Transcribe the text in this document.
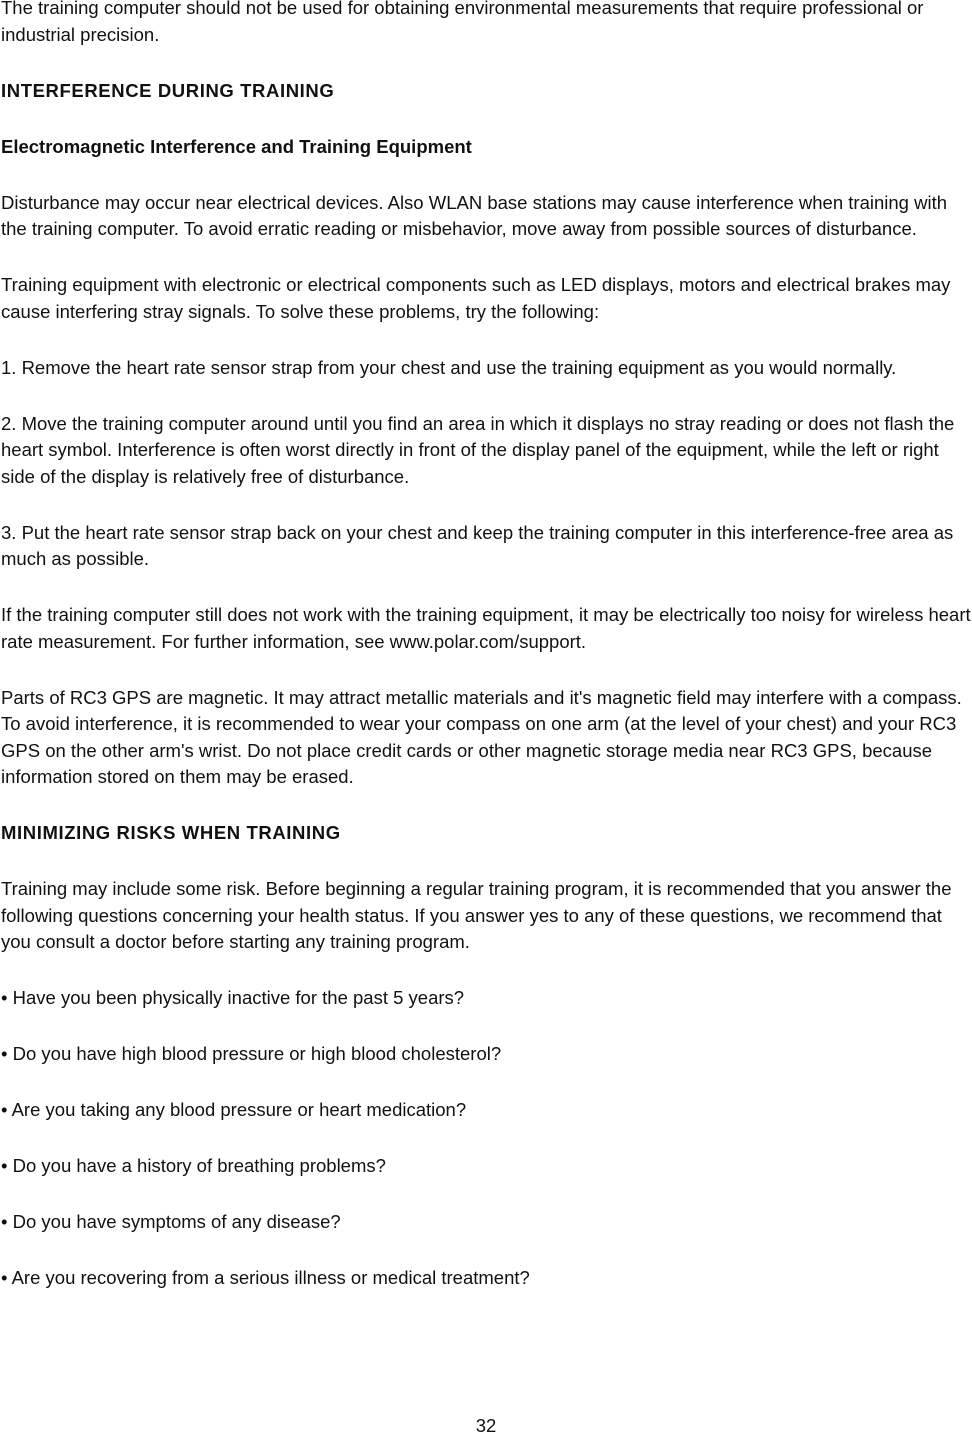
The training computer should not be used for obtaining environmental measurements that require professional or industrial precision.

INTERFERENCE DURING TRAINING
Electromagnetic Interference and Training Equipment

Disturbance may occur near electrical devices. Also WLAN base stations may cause interference when training with the training computer. To avoid erratic reading or misbehavior, move away from possible sources of disturbance.

Training equipment with electronic or electrical components such as LED displays, motors and electrical brakes may cause interfering stray signals. To solve these problems, try the following:

1. Remove the heart rate sensor strap from your chest and use the training equipment as you would normally.

2. Move the training computer around until you find an area in which it displays no stray reading or does not flash the heart symbol. Interference is often worst directly in front of the display panel of the equipment, while the left or right side of the display is relatively free of disturbance.

3. Put the heart rate sensor strap back on your chest and keep the training computer in this interference-free area as much as possible.

If the training computer still does not work with the training equipment, it may be electrically too noisy for wireless heart rate measurement. For further information, see www.polar.com/support.

Parts of RC3 GPS are magnetic. It may attract metallic materials and it's magnetic field may interfere with a compass. To avoid interference, it is recommended to wear your compass on one arm (at the level of your chest) and your RC3 GPS on the other arm's wrist. Do not place credit cards or other magnetic storage media near RC3 GPS, because information stored on them may be erased.

MINIMIZING RISKS WHEN TRAINING

Training may include some risk. Before beginning a regular training program, it is recommended that you answer the following questions concerning your health status. If you answer yes to any of these questions, we recommend that you consult a doctor before starting any training program.

• Have you been physically inactive for the past 5 years?
• Do you have high blood pressure or high blood cholesterol?
• Are you taking any blood pressure or heart medication?
• Do you have a history of breathing problems?
• Do you have symptoms of any disease?
• Are you recovering from a serious illness or medical treatment?
32
